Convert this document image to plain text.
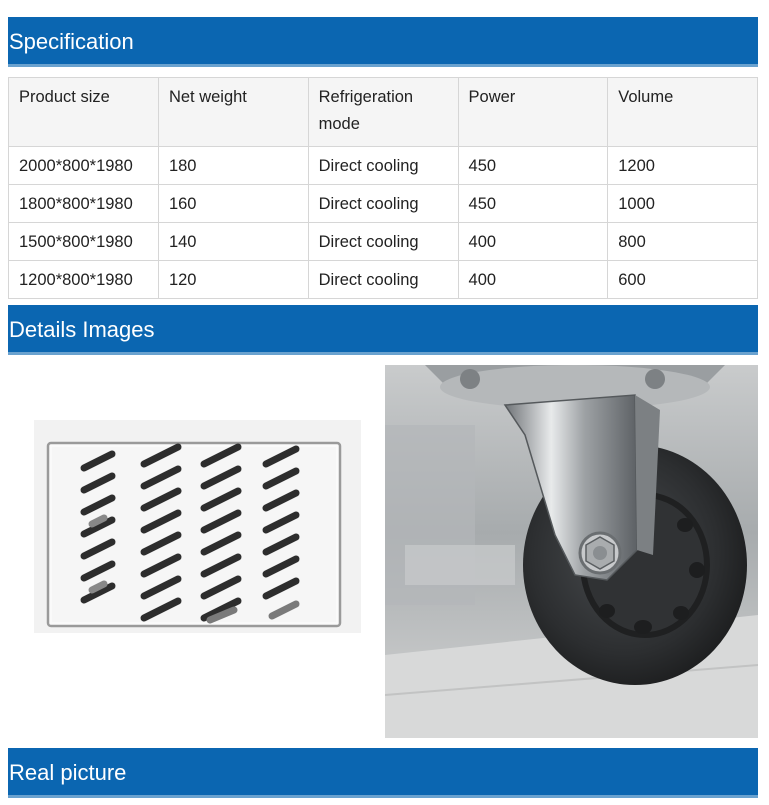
Specification
Product size	Net weight	Refrigeration mode	Power	Volume
2000*800*1980	180	Direct cooling	450	1200
1800*800*1980	160	Direct cooling	450	1000
1500*800*1980	140	Direct cooling	400	800
1200*800*1980	120	Direct cooling	400	600
Details Images
Real picture
